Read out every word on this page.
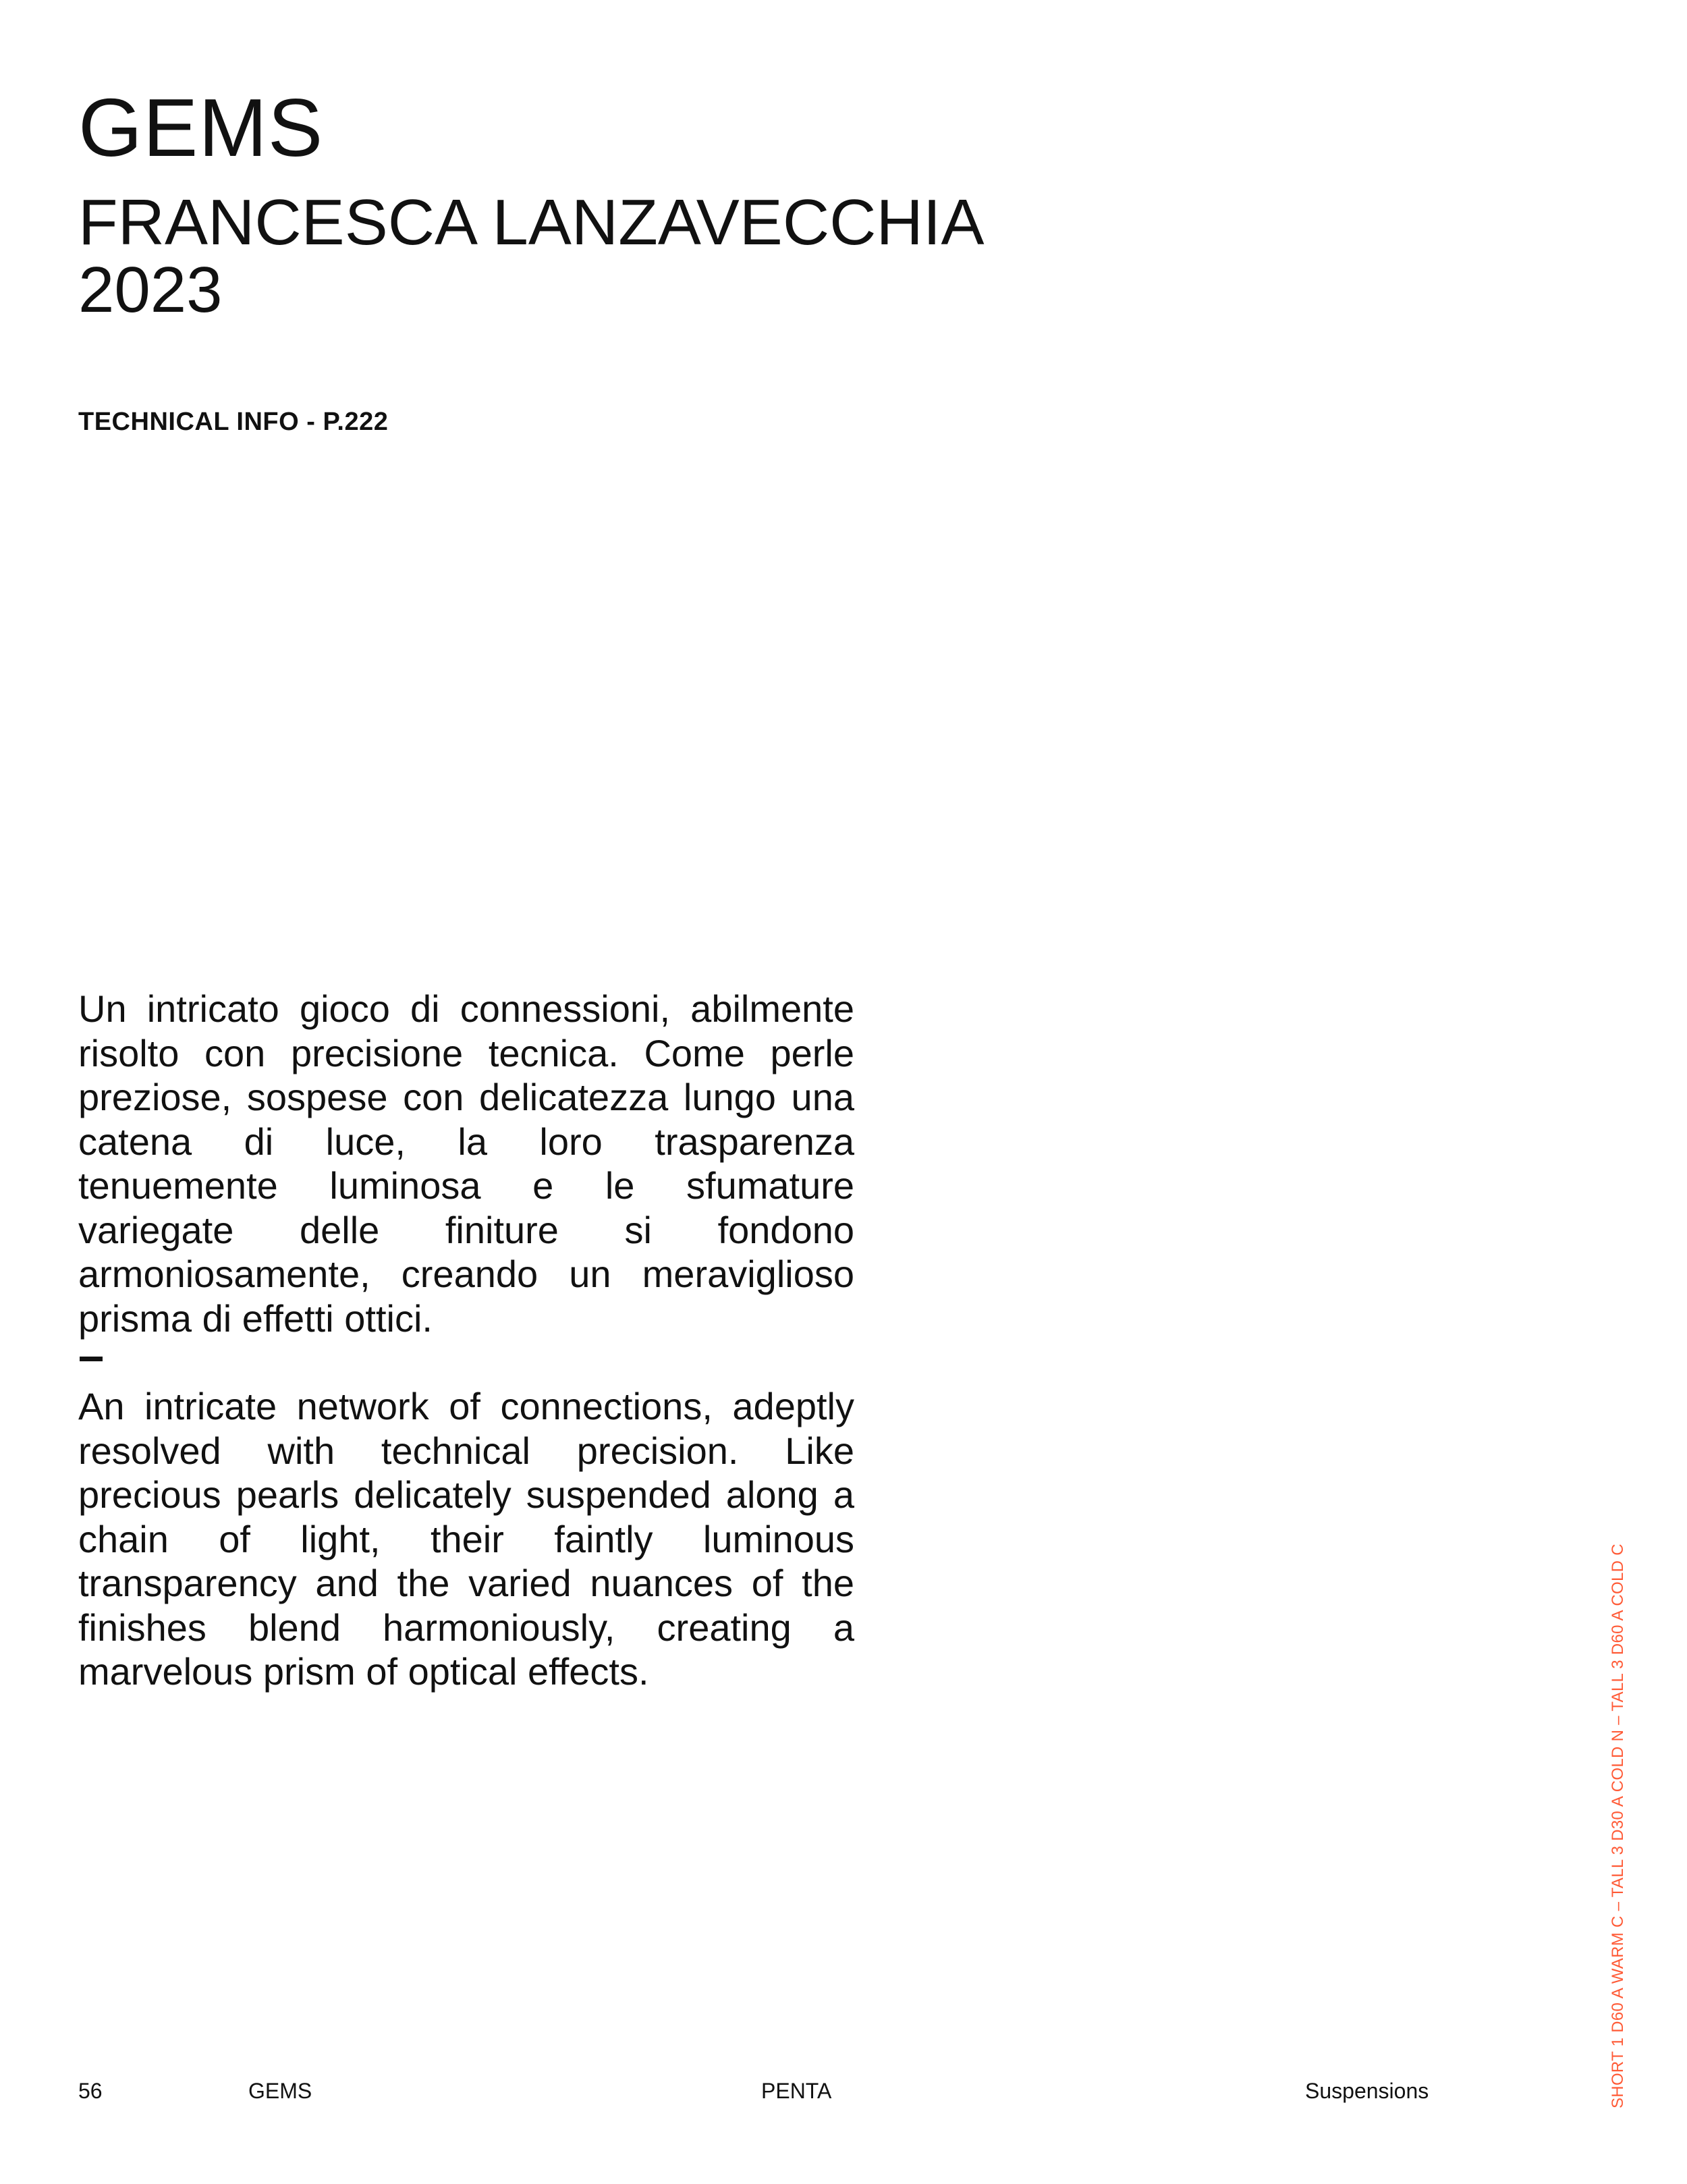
GEMS
FRANCESCA LANZAVECCHIA
2023
TECHNICAL INFO - P.222

Un intricato gioco di connessioni, abilmente risolto con precisione tecnica. Come perle preziose, sospese con delicatezza lungo una catena di luce, la loro trasparenza tenuemente luminosa e le sfumature variegate delle finiture si fondono armoniosamente, creando un meraviglioso prisma di effetti ottici.

An intricate network of connections, adeptly resolved with technical precision. Like precious pearls delicately suspended along a chain of light, their faintly luminous transparency and the varied nuances of the finishes blend harmoniously, creating a marvelous prism of optical effects.

56	GEMS	PENTA	Suspensions	SHORT 1 D60 A WARM C – TALL 3 D30 A COLD N – TALL 3 D60 A COLD C
